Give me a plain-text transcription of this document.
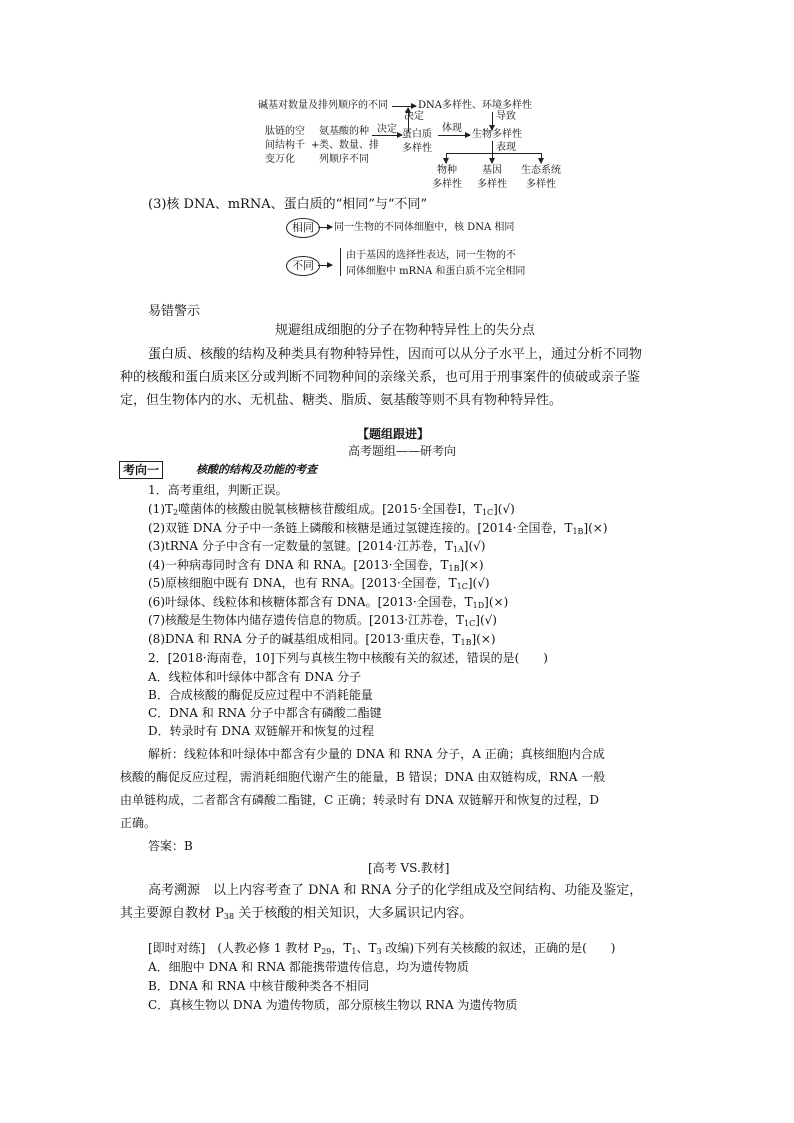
碱基对数量及排列顺序的不同
决定
DNA多样性、环境多样性
导致
肽链的空
间结构千
变万化
+
氨基酸的种
类、数量、排
列顺序不同
决定 蛋白质
多样性
体现
生物多样性
表现
物种
多样性
基因
多样性
生态系统
多样性
(3)核 DNA、mRNA、蛋白质的“相同”与“不同”
相同	同一生物的不同体细胞中，核 DNA 相同
不同
由于基因的选择性表达，同一生物的不
同体细胞中 mRNA 和蛋白质不完全相同
易错警示
规避组成细胞的分子在物种特异性上的失分点
蛋白质、核酸的结构及种类具有物种特异性，因而可以从分子水平上，通过分析不同物
种的核酸和蛋白质来区分或判断不同物种间的亲缘关系，也可用于刑事案件的侦破或亲子鉴
定，但生物体内的水、无机盐、糖类、脂质、氨基酸等则不具有物种特异性。
【题组跟进】
高考题组——研考向
考向一	核酸的结构及功能的考查
1．高考重组，判断正误。
$(1)T_2$噬菌体的核酸由脱氧核糖核苷酸组成。[2015·全国卷Ⅰ，$T_{1C}](√)$
(2)双链 DNA 分子中一条链上磷酸和核糖是通过氢键连接的。[2014·全国卷，$T_{1B}](\times)$
(3)tRNA 分子中含有一定数量的氢键。[2014·江苏卷，$T_{1A}](√)$
(4)一种病毒同时含有 DNA 和 RNA。[2013·全国卷，$T_{1B}](\times)$
(5)原核细胞中既有 DNA，也有 RNA。[2013·全国卷，$T_{1C}](√)$
(6)叶绿体、线粒体和核糖体都含有 DNA。[2013·全国卷，$T_{1D}](\times)$
(7)核酸是生物体内储存遗传信息的物质。[2013·江苏卷，$T_{1C}](√)$
(8)DNA 和 RNA 分子的碱基组成相同。[2013·重庆卷，$T_{1B}](\times)$
2．[2018·海南卷，10]下列与真核生物中核酸有关的叙述，错误的是(　　)
A．线粒体和叶绿体中都含有 DNA 分子
B．合成核酸的酶促反应过程中不消耗能量
C．DNA 和 RNA 分子中都含有磷酸二酯键
D．转录时有 DNA 双链解开和恢复的过程
解析：线粒体和叶绿体中都含有少量的 DNA 和 RNA 分子，A 正确；真核细胞内合成
核酸的酶促反应过程，需消耗细胞代谢产生的能量，B 错误；DNA 由双链构成，RNA 一般
由单链构成，二者都含有磷酸二酯键，C 正确；转录时有 DNA 双链解开和恢复的过程，D
正确。
答案：B
[高考 VS.教材]
高考溯源　以上内容考查了 DNA 和 RNA 分子的化学组成及空间结构、功能及鉴定，
其主要源自教材 $P_{38}$ 关于核酸的相关知识，大多属识记内容。
[即时对练]　(人教必修 1 教材 $P_{29}$，$T_1$、$T_3$ 改编)下列有关核酸的叙述，正确的是(　　)
A．细胞中 DNA 和 RNA 都能携带遗传信息，均为遗传物质
B．DNA 和 RNA 中核苷酸种类各不相同
C．真核生物以 DNA 为遗传物质，部分原核生物以 RNA 为遗传物质
